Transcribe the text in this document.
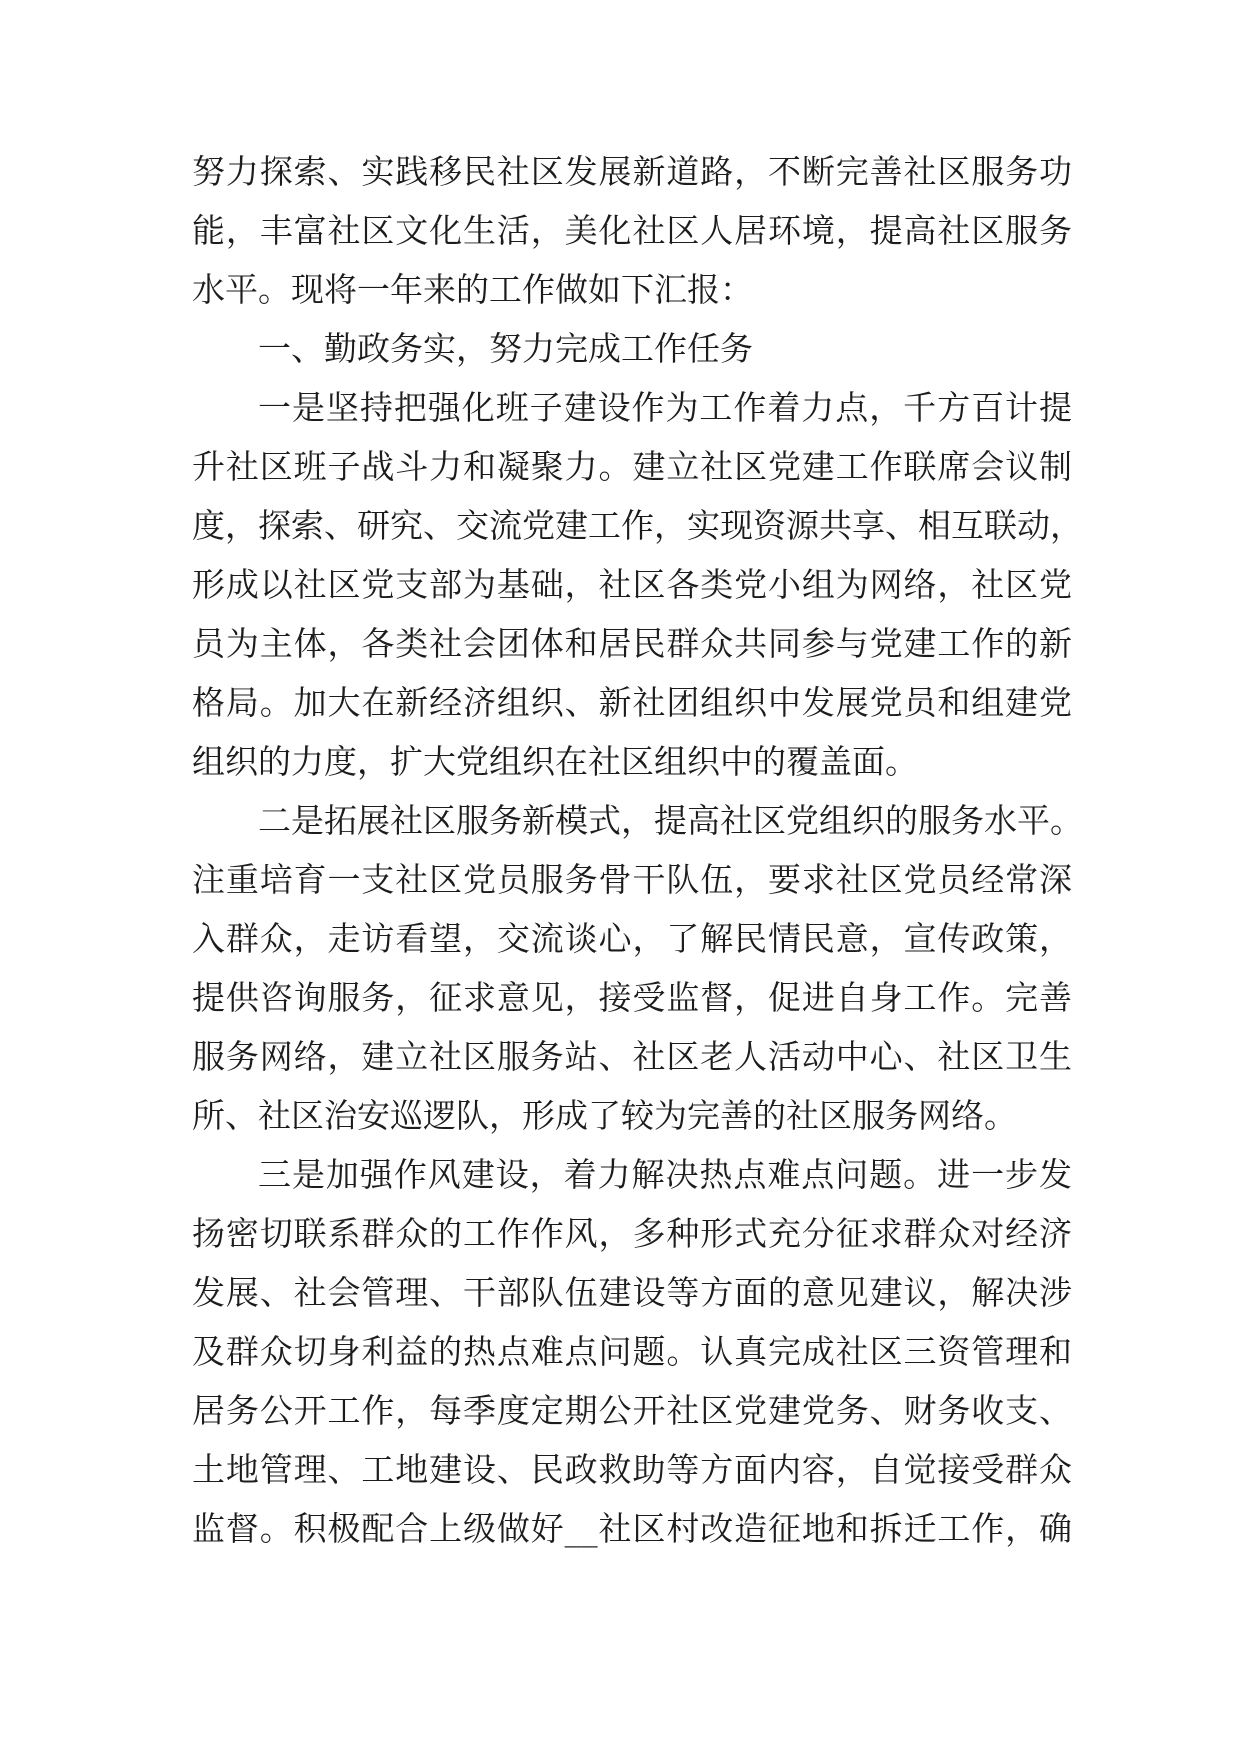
努力探索、实践移民社区发展新道路，不断完善社区服务功
能，丰富社区文化生活，美化社区人居环境，提高社区服务
水平。现将一年来的工作做如下汇报：
一、勤政务实，努力完成工作任务
一是坚持把强化班子建设作为工作着力点，千方百计提
升社区班子战斗力和凝聚力。建立社区党建工作联席会议制
度，探索、研究、交流党建工作，实现资源共享、相互联动，
形成以社区党支部为基础，社区各类党小组为网络，社区党
员为主体，各类社会团体和居民群众共同参与党建工作的新
格局。加大在新经济组织、新社团组织中发展党员和组建党
组织的力度，扩大党组织在社区组织中的覆盖面。
二是拓展社区服务新模式，提高社区党组织的服务水平。
注重培育一支社区党员服务骨干队伍，要求社区党员经常深
入群众，走访看望，交流谈心，了解民情民意，宣传政策，
提供咨询服务，征求意见，接受监督，促进自身工作。完善
服务网络，建立社区服务站、社区老人活动中心、社区卫生
所、社区治安巡逻队，形成了较为完善的社区服务网络。
三是加强作风建设，着力解决热点难点问题。进一步发
扬密切联系群众的工作作风，多种形式充分征求群众对经济
发展、社会管理、干部队伍建设等方面的意见建议，解决涉
及群众切身利益的热点难点问题。认真完成社区三资管理和
居务公开工作，每季度定期公开社区党建党务、财务收支、
土地管理、工地建设、民政救助等方面内容，自觉接受群众
监督。积极配合上级做好__社区村改造征地和拆迁工作，确
